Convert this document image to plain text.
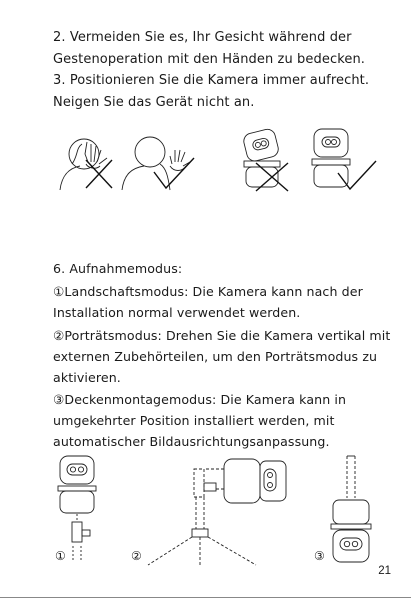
2. Vermeiden Sie es, Ihr Gesicht während der
Gestenoperation mit den Händen zu bedecken.
3. Positionieren Sie die Kamera immer aufrecht.
Neigen Sie das Gerät nicht an.
6. Aufnahmemodus:
①Landschaftsmodus: Die Kamera kann nach der
Installation normal verwendet werden.
②Porträtsmodus: Drehen Sie die Kamera vertikal mit
externen Zubehörteilen, um den Porträtsmodus zu
aktivieren.
③Deckenmontagemodus: Die Kamera kann in
umgekehrter Position installiert werden, mit
automatischer Bildausrichtungsanpassung.
①	②	③
21
